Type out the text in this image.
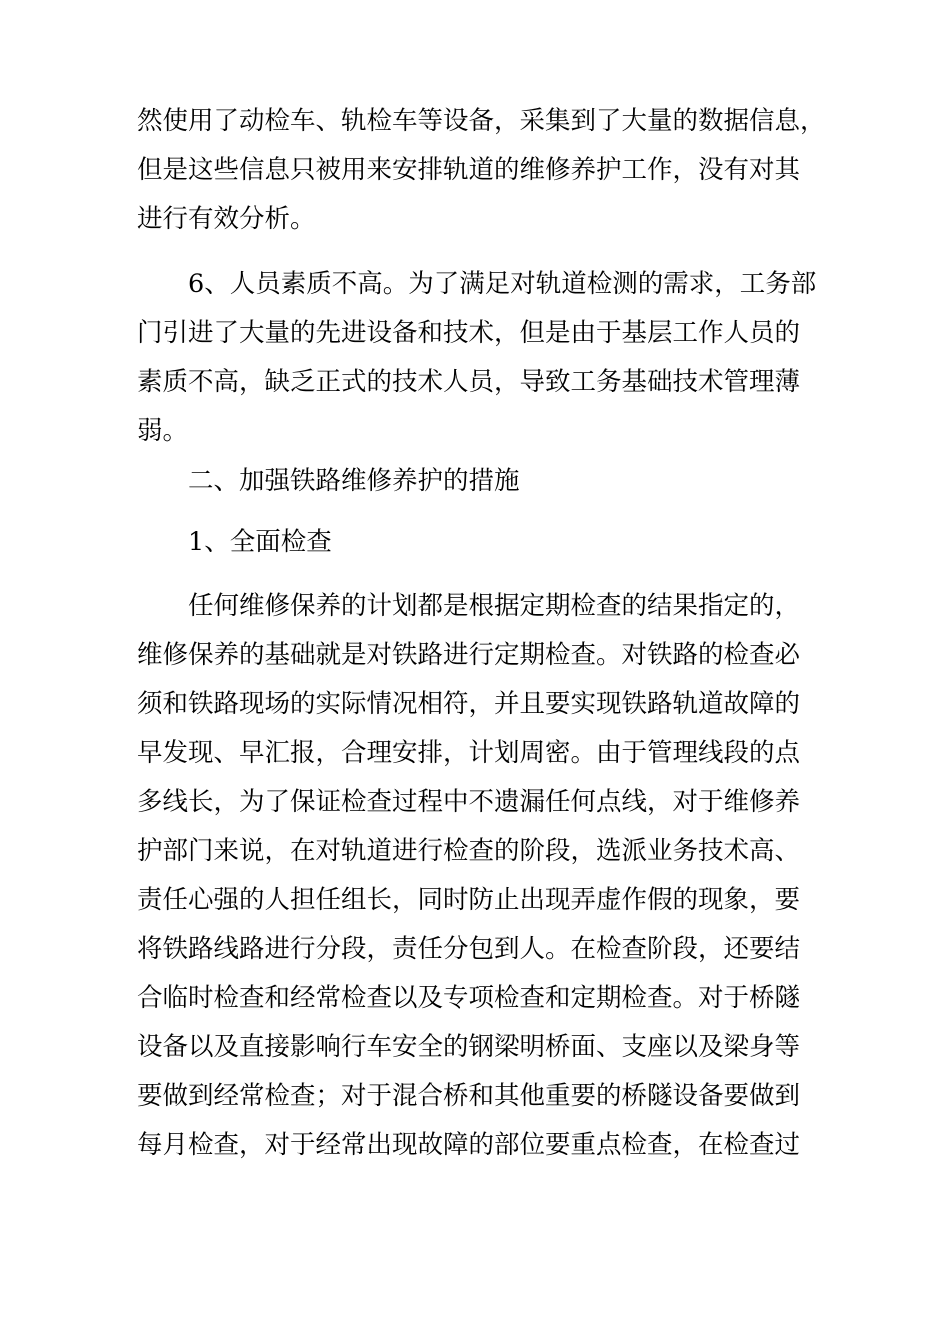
然使用了动检车、轨检车等设备，采集到了大量的数据信息，
但是这些信息只被用来安排轨道的维修养护工作，没有对其
进行有效分析。
6、人员素质不高。为了满足对轨道检测的需求，工务部
门引进了大量的先进设备和技术，但是由于基层工作人员的
素质不高，缺乏正式的技术人员，导致工务基础技术管理薄
弱。
二、加强铁路维修养护的措施
1、全面检查
任何维修保养的计划都是根据定期检查的结果指定的，
维修保养的基础就是对铁路进行定期检查。对铁路的检查必
须和铁路现场的实际情况相符，并且要实现铁路轨道故障的
早发现、早汇报，合理安排，计划周密。由于管理线段的点
多线长，为了保证检查过程中不遗漏任何点线，对于维修养
护部门来说，在对轨道进行检查的阶段，选派业务技术高、
责任心强的人担任组长，同时防止出现弄虚作假的现象，要
将铁路线路进行分段，责任分包到人。在检查阶段，还要结
合临时检查和经常检查以及专项检查和定期检查。对于桥隧
设备以及直接影响行车安全的钢梁明桥面、支座以及梁身等
要做到经常检查；对于混合桥和其他重要的桥隧设备要做到
每月检查，对于经常出现故障的部位要重点检查，在检查过
